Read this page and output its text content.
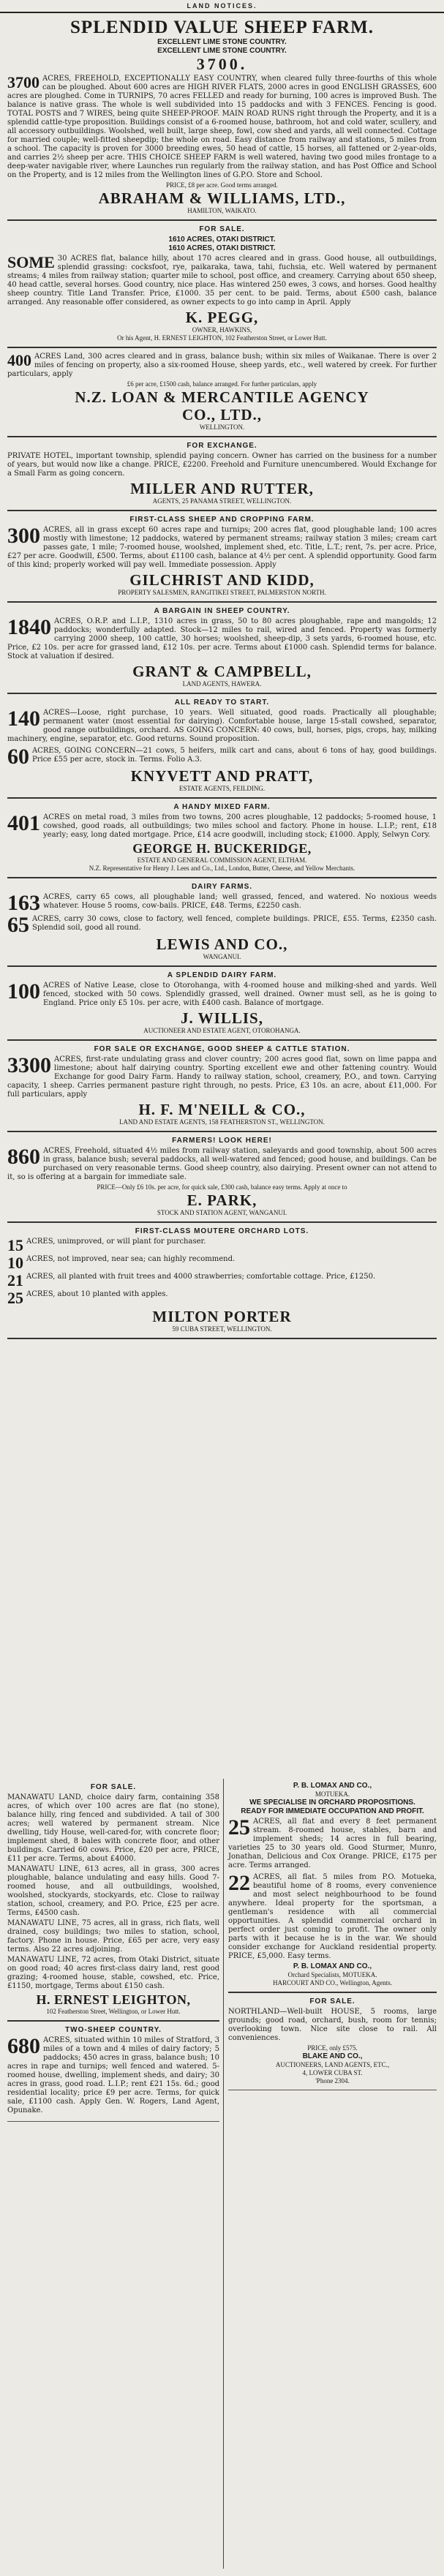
LAND NOTICES.
SPLENDID VALUE SHEEP FARM.
EXCELLENT LIME STONE COUNTRY.
EXCELLENT LIME STONE COUNTRY.
3700.
3700 ACRES, FREEHOLD, EXCEPTIONALLY EASY COUNTRY, when cleared fully three-fourths of this whole can be ploughed. About 600 acres are HIGH RIVER FLATS, 2000 acres in good ENGLISH GRASSES, 600 acres are ploughed. Come in TURNIPS, 70 acres FELLED and ready for burning, 100 acres is improved Bush. The balance is native grass. The whole is well subdivided into 15 paddocks and with 3 FENCES. Fencing is good. TOTAL POSTS and 7 WIRES, being quite SHEEP-PROOF. MAIN ROAD RUNS right through the Property, and it is a splendid cattle-type proposition. Buildings consist of a 6-roomed house, bathroom, hot and cold water, scullery, and all accessory outbuildings. Woolshed, well built, large sheep, fowl, cow shed and yards, all well connected. Cottage for married couple; well-fitted sheepdip; the whole on road. Easy distance from railway and stations, 5 miles from a school. The capacity is proven for 3000 breeding ewes, 50 head of cattle, 15 horses, all fattened or 2-year-olds, and carries 2½ sheep per acre. THIS CHOICE SHEEP FARM is well watered, having two good miles frontage to a deep-water navigable river, where Launches run regularly from the railway station, and has Post Office and School on the Property, and is 12 miles from the Wellington lines of G.P.O. Store and School.
PRICE, £8 per acre. Good terms arranged.
ABRAHAM & WILLIAMS, LTD.,
HAMILTON, WAIKATO.
FOR SALE.
1610 ACRES, OTAKI DISTRICT.
1610 ACRES, OTAKI DISTRICT.
SOME 30 ACRES flat, balance hilly, about 170 acres cleared and in grass. Good house, all outbuildings, splendid grassing: cocksfoot, rye, paikaraka, tawa, tahi, fuchsia, etc. Well watered by permanent streams; 4 miles from railway station; quarter mile to school, post office, and creamery. Carrying about 650 sheep, 40 head cattle, several horses. Good country, nice place. Has wintered 250 ewes, 3 cows, and horses. Good healthy sheep country. Title Land Transfer. Price, £1000. 35 per cent. to be paid. Terms, about £500 cash, balance arranged. Any reasonable offer considered, as owner expects to go into camp in April. Apply
K. PEGG,
OWNER, HAWKINS,
Or his Agent, H. ERNEST LEIGHTON, 102 Featherston Street, or Lower Hutt.
400 ACRES Land, 300 acres cleared and in grass, balance bush; within six miles of Waikanae. There is over 2 miles of fencing on property, also a six-roomed House, sheep yards, etc., well watered by creek. For further particulars, apply
£6 per acre, £1500 cash, balance arranged. For further particulars, apply
N.Z. LOAN & MERCANTILE AGENCY
CO., LTD.,
WELLINGTON.
FOR EXCHANGE.
PRIVATE HOTEL, important township, splendid paying concern. Owner has carried on the business for a number of years, but would now like a change. PRICE, £2200. Freehold and Furniture unencumbered. Would Exchange for a Small Farm as going concern.
MILLER AND RUTTER,
AGENTS, 25 PANAMA STREET, WELLINGTON.
FIRST-CLASS SHEEP AND CROPPING FARM.
300 ACRES, all in grass except 60 acres rape and turnips; 200 acres flat, good ploughable land; 100 acres mostly with limestone; 12 paddocks, watered by permanent streams; railway station 3 miles; cream cart passes gate, 1 mile; 7-roomed house, woolshed, implement shed, etc. Title, L.T.; rent, 7s. per acre. Price, £27 per acre. Goodwill, £500. Terms, about £1100 cash, balance at 4½ per cent. A splendid opportunity. Good farm of this kind; properly worked will pay well. Immediate possession. Apply
GILCHRIST AND KIDD,
PROPERTY SALESMEN, RANGITIKEI STREET, PALMERSTON NORTH.
A BARGAIN IN SHEEP COUNTRY.
1840 ACRES, O.R.P. and L.I.P., 1310 acres in grass, 50 to 80 acres ploughable, rape and mangolds; 12 paddocks; wonderfully adapted. Stock—12 miles to rail, wired and fenced. Property was formerly carrying 2000 sheep, 100 cattle, 30 horses; woolshed, sheep-dip, 3 sets yards, 6-roomed house, etc. Price, £2 10s. per acre for grassed land, £12 10s. per acre. Terms about £1000 cash. Splendid terms for balance. Stock at valuation if desired.
GRANT & CAMPBELL,
LAND AGENTS, HAWERA.
ALL READY TO START.
140 ACRES—Loose, right purchase, 10 years. Well situated, good roads. Practically all ploughable; permanent water (most essential for dairying). Comfortable house, large 15-stall cowshed, separator, good range outbuildings, orchard. AS GOING CONCERN: 40 cows, bull, horses, pigs, crops, hay, milking machinery, engine, separator, etc. Good returns. Sound proposition.
60 ACRES, GOING CONCERN—21 cows, 5 heifers, milk cart and cans, about 6 tons of hay, good buildings. Price £55 per acre, stock in. Terms. Folio A.3.
KNYVETT AND PRATT,
ESTATE AGENTS, FEILDING.
A HANDY MIXED FARM.
401 ACRES on metal road, 3 miles from two towns, 200 acres ploughable, 12 paddocks; 5-roomed house, 1 cowshed, good roads, all outbuildings; two miles school and factory. Phone in house. L.I.P.; rent, £18 yearly; easy, long dated mortgage. Price, £14 acre goodwill, including stock; £1000. Apply, Selwyn Cory.
GEORGE H. BUCKERIDGE,
ESTATE AND GENERAL COMMISSION AGENT, ELTHAM.
N.Z. Representative for Henry J. Lees and Co., Ltd., London, Butter, Cheese, and Yellow Merchants.
DAIRY FARMS.
163 ACRES, carry 65 cows, all ploughable land; well grassed, fenced, and watered. No noxious weeds whatever. House 5 rooms, cow-bails. PRICE, £48. Terms, £2250 cash.
65 ACRES, carry 30 cows, close to factory, well fenced, complete buildings. PRICE, £55. Terms, £2350 cash. Splendid soil, good all round.
LEWIS AND CO.,
WANGANUI.
A SPLENDID DAIRY FARM.
100 ACRES of Native Lease, close to Otorohanga, with 4-roomed house and milking-shed and yards. Well fenced, stocked with 50 cows. Splendidly grassed, well drained. Owner must sell, as he is going to England. Price only £5 10s. per acre, with £400 cash. Balance of mortgage.
J. WILLIS,
AUCTIONEER AND ESTATE AGENT, OTOROHANGA.
FOR SALE OR EXCHANGE, GOOD SHEEP & CATTLE STATION.
3300 ACRES, first-rate undulating grass and clover country; 200 acres good flat, sown on lime pappa and limestone; about half dairying country. Sporting excellent ewe and other fattening country. Would Exchange for good Dairy Farm. Handy to railway station, school, creamery, P.O., and town. Carrying capacity, 1 sheep. Carries permanent pasture right through, no pests. Price, £3 10s. an acre, about £11,000. For full particulars, apply
H. F. M'NEILL & CO.,
LAND AND ESTATE AGENTS, 158 FEATHERSTON ST., WELLINGTON.
FARMERS! LOOK HERE!
860 ACRES, Freehold, situated 4½ miles from railway station, saleyards and good township, about 500 acres in grass, balance bush; several paddocks, all well-watered and fenced; good house, and buildings. Can be purchased on very reasonable terms. Good sheep country, also dairying. Present owner can not attend to it, so is offering at a bargain for immediate sale.
PRICE—Only £6 10s. per acre, for quick sale, £300 cash, balance easy terms. Apply at once to
E. PARK,
STOCK AND STATION AGENT, WANGANUI.
FIRST-CLASS MOUTERE ORCHARD LOTS.
15 ACRES, unimproved, or will plant for purchaser.
10 ACRES, not improved, near sea; can highly recommend.
21 ACRES, all planted with fruit trees and 4000 strawberries; comfortable cottage. Price, £1250.
25 ACRES, about 10 planted with apples.
MILTON PORTER
59 CUBA STREET, WELLINGTON.
FOR SALE.
MANAWATU LAND, choice dairy farm, containing 358 acres, of which over 100 acres are flat (no stone), balance hilly, ring fenced and subdivided. A tail of 300 acres; well watered by permanent stream. Nice dwelling, tidy House, well-cared-for, with concrete floor; implement shed, 8 bales with concrete floor, and other buildings. Carried 60 cows. Price, £20 per acre, PRICE, £11 per acre. Terms, about £4000.
MANAWATU LINE, 613 acres, all in grass, 300 acres ploughable, balance undulating and easy hills. Good 7-roomed house, and all outbuildings, woolshed, woolshed, stockyards, stockyards, etc. Close to railway station, school, creamery, and P.O. Price, £25 per acre. Terms, £4500 cash.
MANAWATU LINE, 75 acres, all in grass, rich flats, well drained, cosy buildings; two miles to station, school, factory. Phone in house. Price, £65 per acre, very easy terms. Also 22 acres adjoining.
MANAWATU LINE, 72 acres, from Otaki District, situate on good road; 40 acres first-class dairy land, rest good grazing; 4-roomed house, stable, cowshed, etc. Price, £1150, mortgage, Terms about £150 cash.
H. ERNEST LEIGHTON,
102 Featherston Street, Wellington, or Lower Hutt.
TWO-SHEEP COUNTRY.
680 ACRES, situated within 10 miles of Stratford, 3 miles of a town and 4 miles of dairy factory; 5 paddocks; 450 acres in grass, balance bush; 10 acres in rape and turnips; well fenced and watered. 5-roomed house, dwelling, implement sheds, and dairy; 30 acres in grass, good road. L.I.P.; rent £21 15s. 6d.; good residential locality; price £9 per acre. Terms, for quick sale, £1100 cash. Apply Gen. W. Rogers, Land Agent, Opunake.
P. B. LOMAX AND CO.,
MOTUEKA.
WE SPECIALISE IN ORCHARD PROPOSITIONS.
READY FOR IMMEDIATE OCCUPATION AND PROFIT.
25 ACRES, all flat and every 8 feet permanent stream. 8-roomed house, stables, barn and implement sheds; 14 acres in full bearing, varieties 25 to 30 years old. Good Sturmer, Munro, Jonathan, Delicious and Cox Orange. PRICE, £175 per acre. Terms arranged.
22 ACRES, all flat. 5 miles from P.O. Motueka, beautiful home of 8 rooms, every convenience and most select neighbourhood to be found anywhere. Ideal property for the sportsman, a gentleman's residence with all commercial opportunities. A splendid commercial orchard in perfect order just coming to profit. The owner only parts with it because he is in the war. We should consider exchange for Auckland residential property. PRICE, £5,000. Easy terms.
P. B. LOMAX AND CO.,
Orchard Specialists, MOTUEKA.
HARCOURT AND CO., Wellington, Agents.
FOR SALE.
NORTHLAND—Well-built HOUSE, 5 rooms, large grounds; good road, orchard, bush, room for tennis; overlooking town. Nice site close to rail. All conveniences.
PRICE, only £575.
BLAKE AND CO.,
AUCTIONEERS, LAND AGENTS, ETC.,
4, LOWER CUBA ST.
'Phone 2304.
